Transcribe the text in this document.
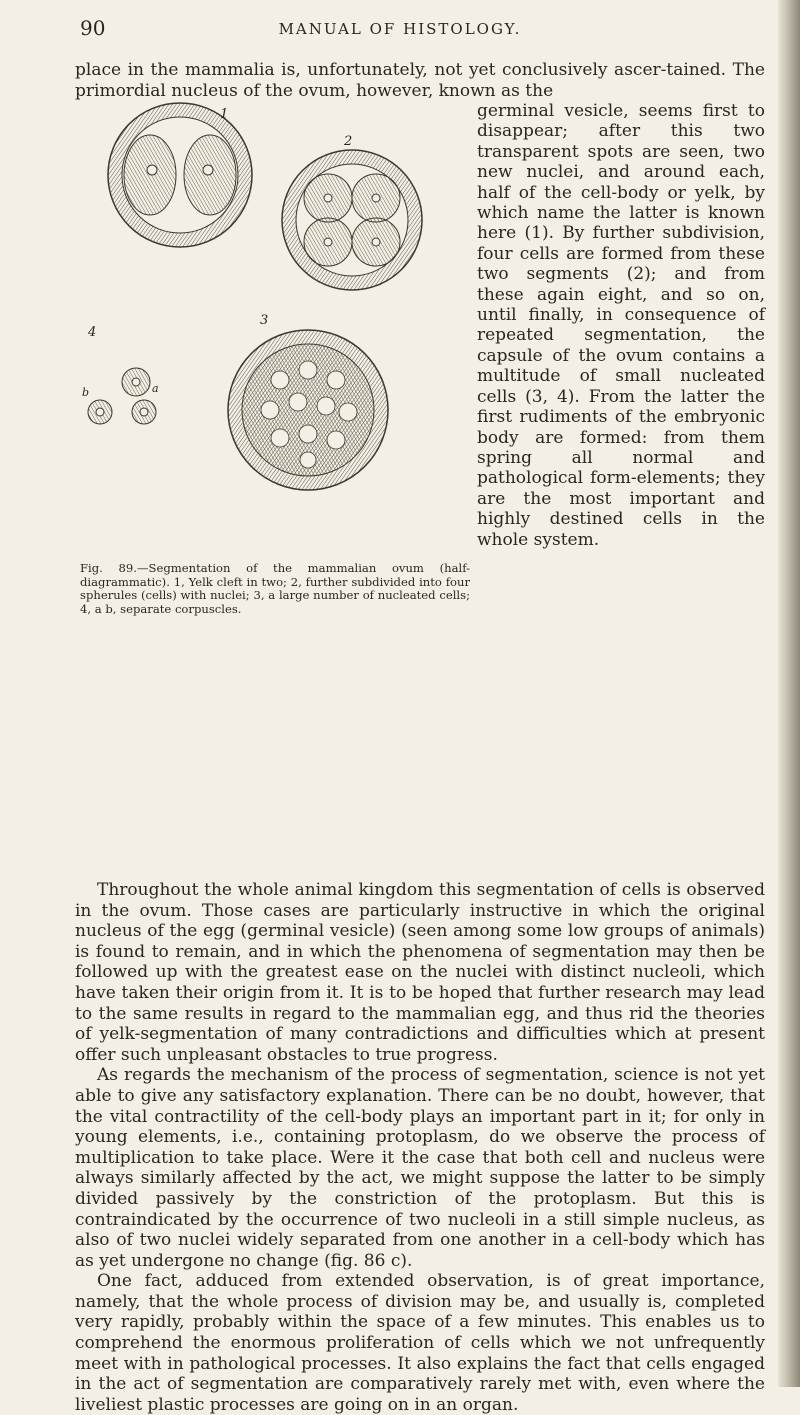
90	MANUAL OF HISTOLOGY.

place in the mammalia is, unfortunately, not yet conclusively ascer-tained. The primordial nucleus of the ovum, however, known as the

germinal vesicle, seems first to disappear; after this two transparent spots are seen, two new nuclei, and around each, half of the cell-body or yelk, by which name the latter is known here (1). By further subdivision, four cells are formed from these two segments (2); and from these again eight, and so on, until finally, in consequence of repeated segmentation, the capsule of the ovum contains a multitude of small nucleated cells (3, 4). From the latter the first rudiments of the embryonic body are formed: from them spring all normal and pathological form-elements; they are the most important and highly destined cells in the whole system.
1
2
3
4
a
b
Fig. 89.—Segmentation of the mammalian ovum (half-diagrammatic). 1, Yelk cleft in two; 2, further subdivided into four spherules (cells) with nuclei; 3, a large number of nucleated cells; 4, a b, separate corpuscles.

Throughout the whole animal kingdom this segmentation of cells is observed in the ovum. Those cases are particularly instructive in which the original nucleus of the egg (germinal vesicle) (seen among some low groups of animals) is found to remain, and in which the phenomena of segmentation may then be followed up with the greatest ease on the nuclei with distinct nucleoli, which have taken their origin from it. It is to be hoped that further research may lead to the same results in regard to the mammalian egg, and thus rid the theories of yelk-segmentation of many contradictions and difficulties which at present offer such unpleasant obstacles to true progress.

As regards the mechanism of the process of segmentation, science is not yet able to give any satisfactory explanation. There can be no doubt, however, that the vital contractility of the cell-body plays an important part in it; for only in young elements, i.e., containing protoplasm, do we observe the process of multiplication to take place. Were it the case that both cell and nucleus were always similarly affected by the act, we might suppose the latter to be simply divided passively by the constriction of the protoplasm. But this is contraindicated by the occurrence of two nucleoli in a still simple nucleus, as also of two nuclei widely separated from one another in a cell-body which has as yet undergone no change (fig. 86 c).

One fact, adduced from extended observation, is of great importance, namely, that the whole process of division may be, and usually is, completed very rapidly, probably within the space of a few minutes. This enables us to comprehend the enormous proliferation of cells which we not unfrequently meet with in pathological processes. It also explains the fact that cells engaged in the act of segmentation are comparatively rarely met with, even where the liveliest plastic processes are going on in an organ.
